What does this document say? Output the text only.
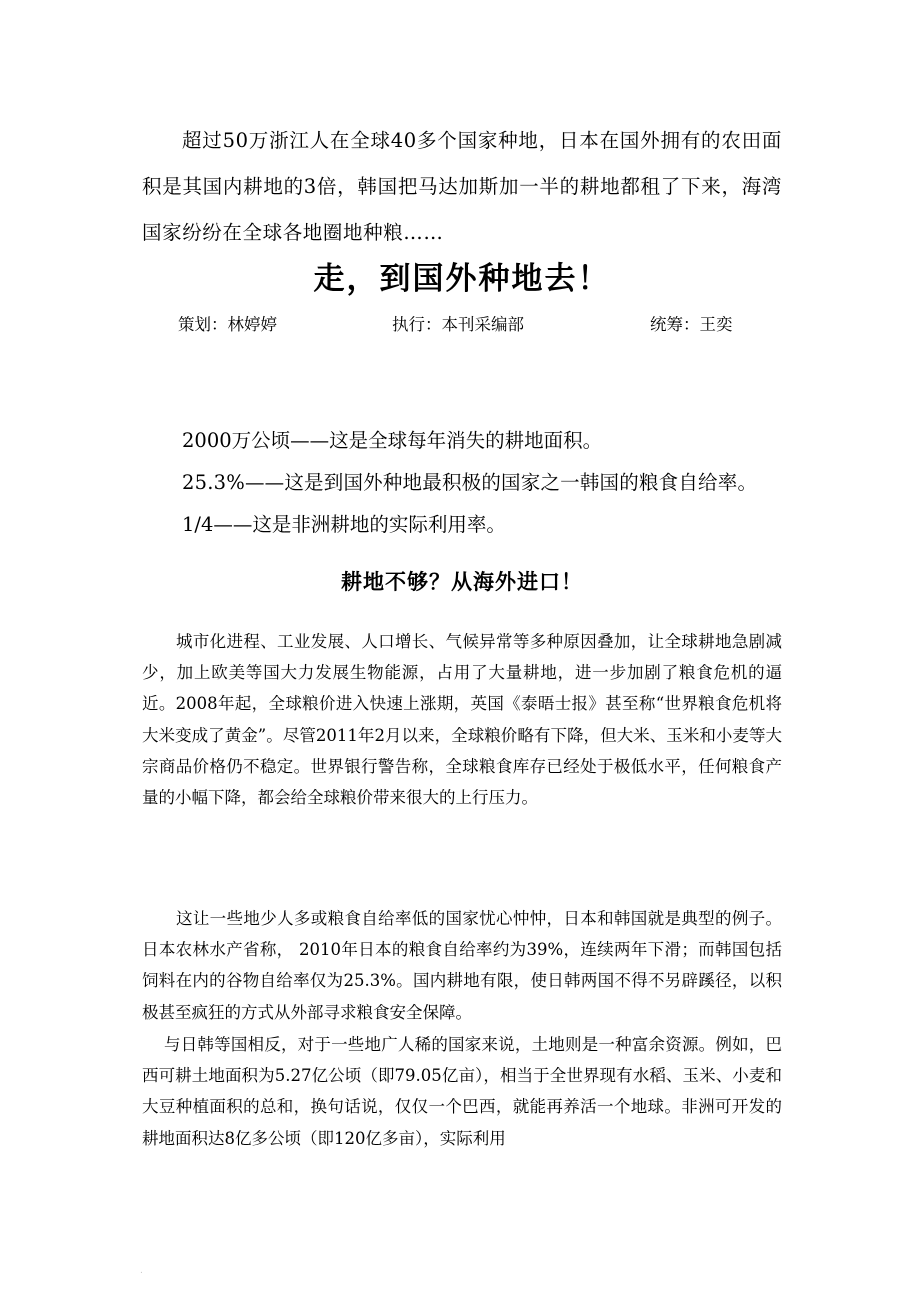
超过50万浙江人在全球40多个国家种地，日本在国外拥有的农田面积是其国内耕地的3倍，韩国把马达加斯加一半的耕地都租了下来，海湾国家纷纷在全球各地圈地种粮……

走，到国外种地去！
策划：林婷婷	执行：本刊采编部	统筹：王奕
2000万公顷——这是全球每年消失的耕地面积。
25.3%——这是到国外种地最积极的国家之一韩国的粮食自给率。
1/4——这是非洲耕地的实际利用率。
耕地不够？从海外进口！

城市化进程、工业发展、人口增长、气候异常等多种原因叠加，让全球耕地急剧减少，加上欧美等国大力发展生物能源，占用了大量耕地，进一步加剧了粮食危机的逼近。2008年起，全球粮价进入快速上涨期，英国《泰晤士报》甚至称“世界粮食危机将大米变成了黄金”。尽管2011年2月以来，全球粮价略有下降，但大米、玉米和小麦等大宗商品价格仍不稳定。世界银行警告称，全球粮食库存已经处于极低水平，任何粮食产量的小幅下降，都会给全球粮价带来很大的上行压力。

这让一些地少人多或粮食自给率低的国家忧心忡忡，日本和韩国就是典型的例子。日本农林水产省称， 2010年日本的粮食自给率约为39%，连续两年下滑；而韩国包括饲料在内的谷物自给率仅为25.3%。国内耕地有限，使日韩两国不得不另辟蹊径，以积极甚至疯狂的方式从外部寻求粮食安全保障。

与日韩等国相反，对于一些地广人稀的国家来说，土地则是一种富余资源。例如，巴西可耕土地面积为5.27亿公顷（即79.05亿亩），相当于全世界现有水稻、玉米、小麦和大豆种植面积的总和，换句话说，仅仅一个巴西，就能再养活一个地球。非洲可开发的耕地面积达8亿多公顷（即120亿多亩），实际利用

.
